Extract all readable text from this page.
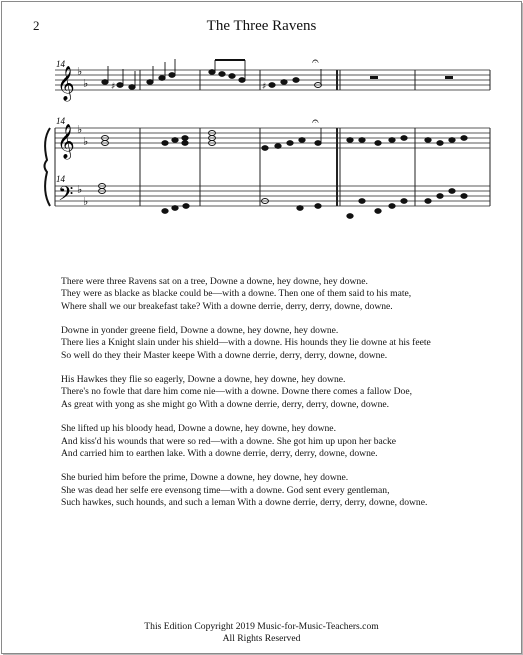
2	The Three Ravens
14
14
14
𝄞
𝄞
𝄢
♭
♭
♭
♭
♭
♭
♯	♯
𝄐
𝄐
There were three Ravens sat on a tree, Downe a downe, hey downe, hey downe.
They were as blacke as blacke could be—with a downe. Then one of them said to his mate,
Where shall we our breakefast take? With a downe derrie, derry, derry, downe, downe.
Downe in yonder greene field, Downe a downe, hey downe, hey downe.
There lies a Knight slain under his shield—with a downe. His hounds they lie downe at his feete
So well do they their Master keepe With a downe derrie, derry, derry, downe, downe.
His Hawkes they flie so eagerly, Downe a downe, hey downe, hey downe.
There's no fowle that dare him come nie—with a downe. Downe there comes a fallow Doe,
As great with yong as she might go With a downe derrie, derry, derry, downe, downe.
She lifted up his bloody head, Downe a downe, hey downe, hey downe.
And kiss'd his wounds that were so red—with a downe. She got him up upon her backe
And carried him to earthen lake. With a downe derrie, derry, derry, downe, downe.
She buried him before the prime, Downe a downe, hey downe, hey downe.
She was dead her selfe ere evensong time—with a downe. God sent every gentleman,
Such hawkes, such hounds, and such a leman With a downe derrie, derry, derry, downe, downe.
This Edition Copyright 2019 Music-for-Music-Teachers.com
All Rights Reserved
